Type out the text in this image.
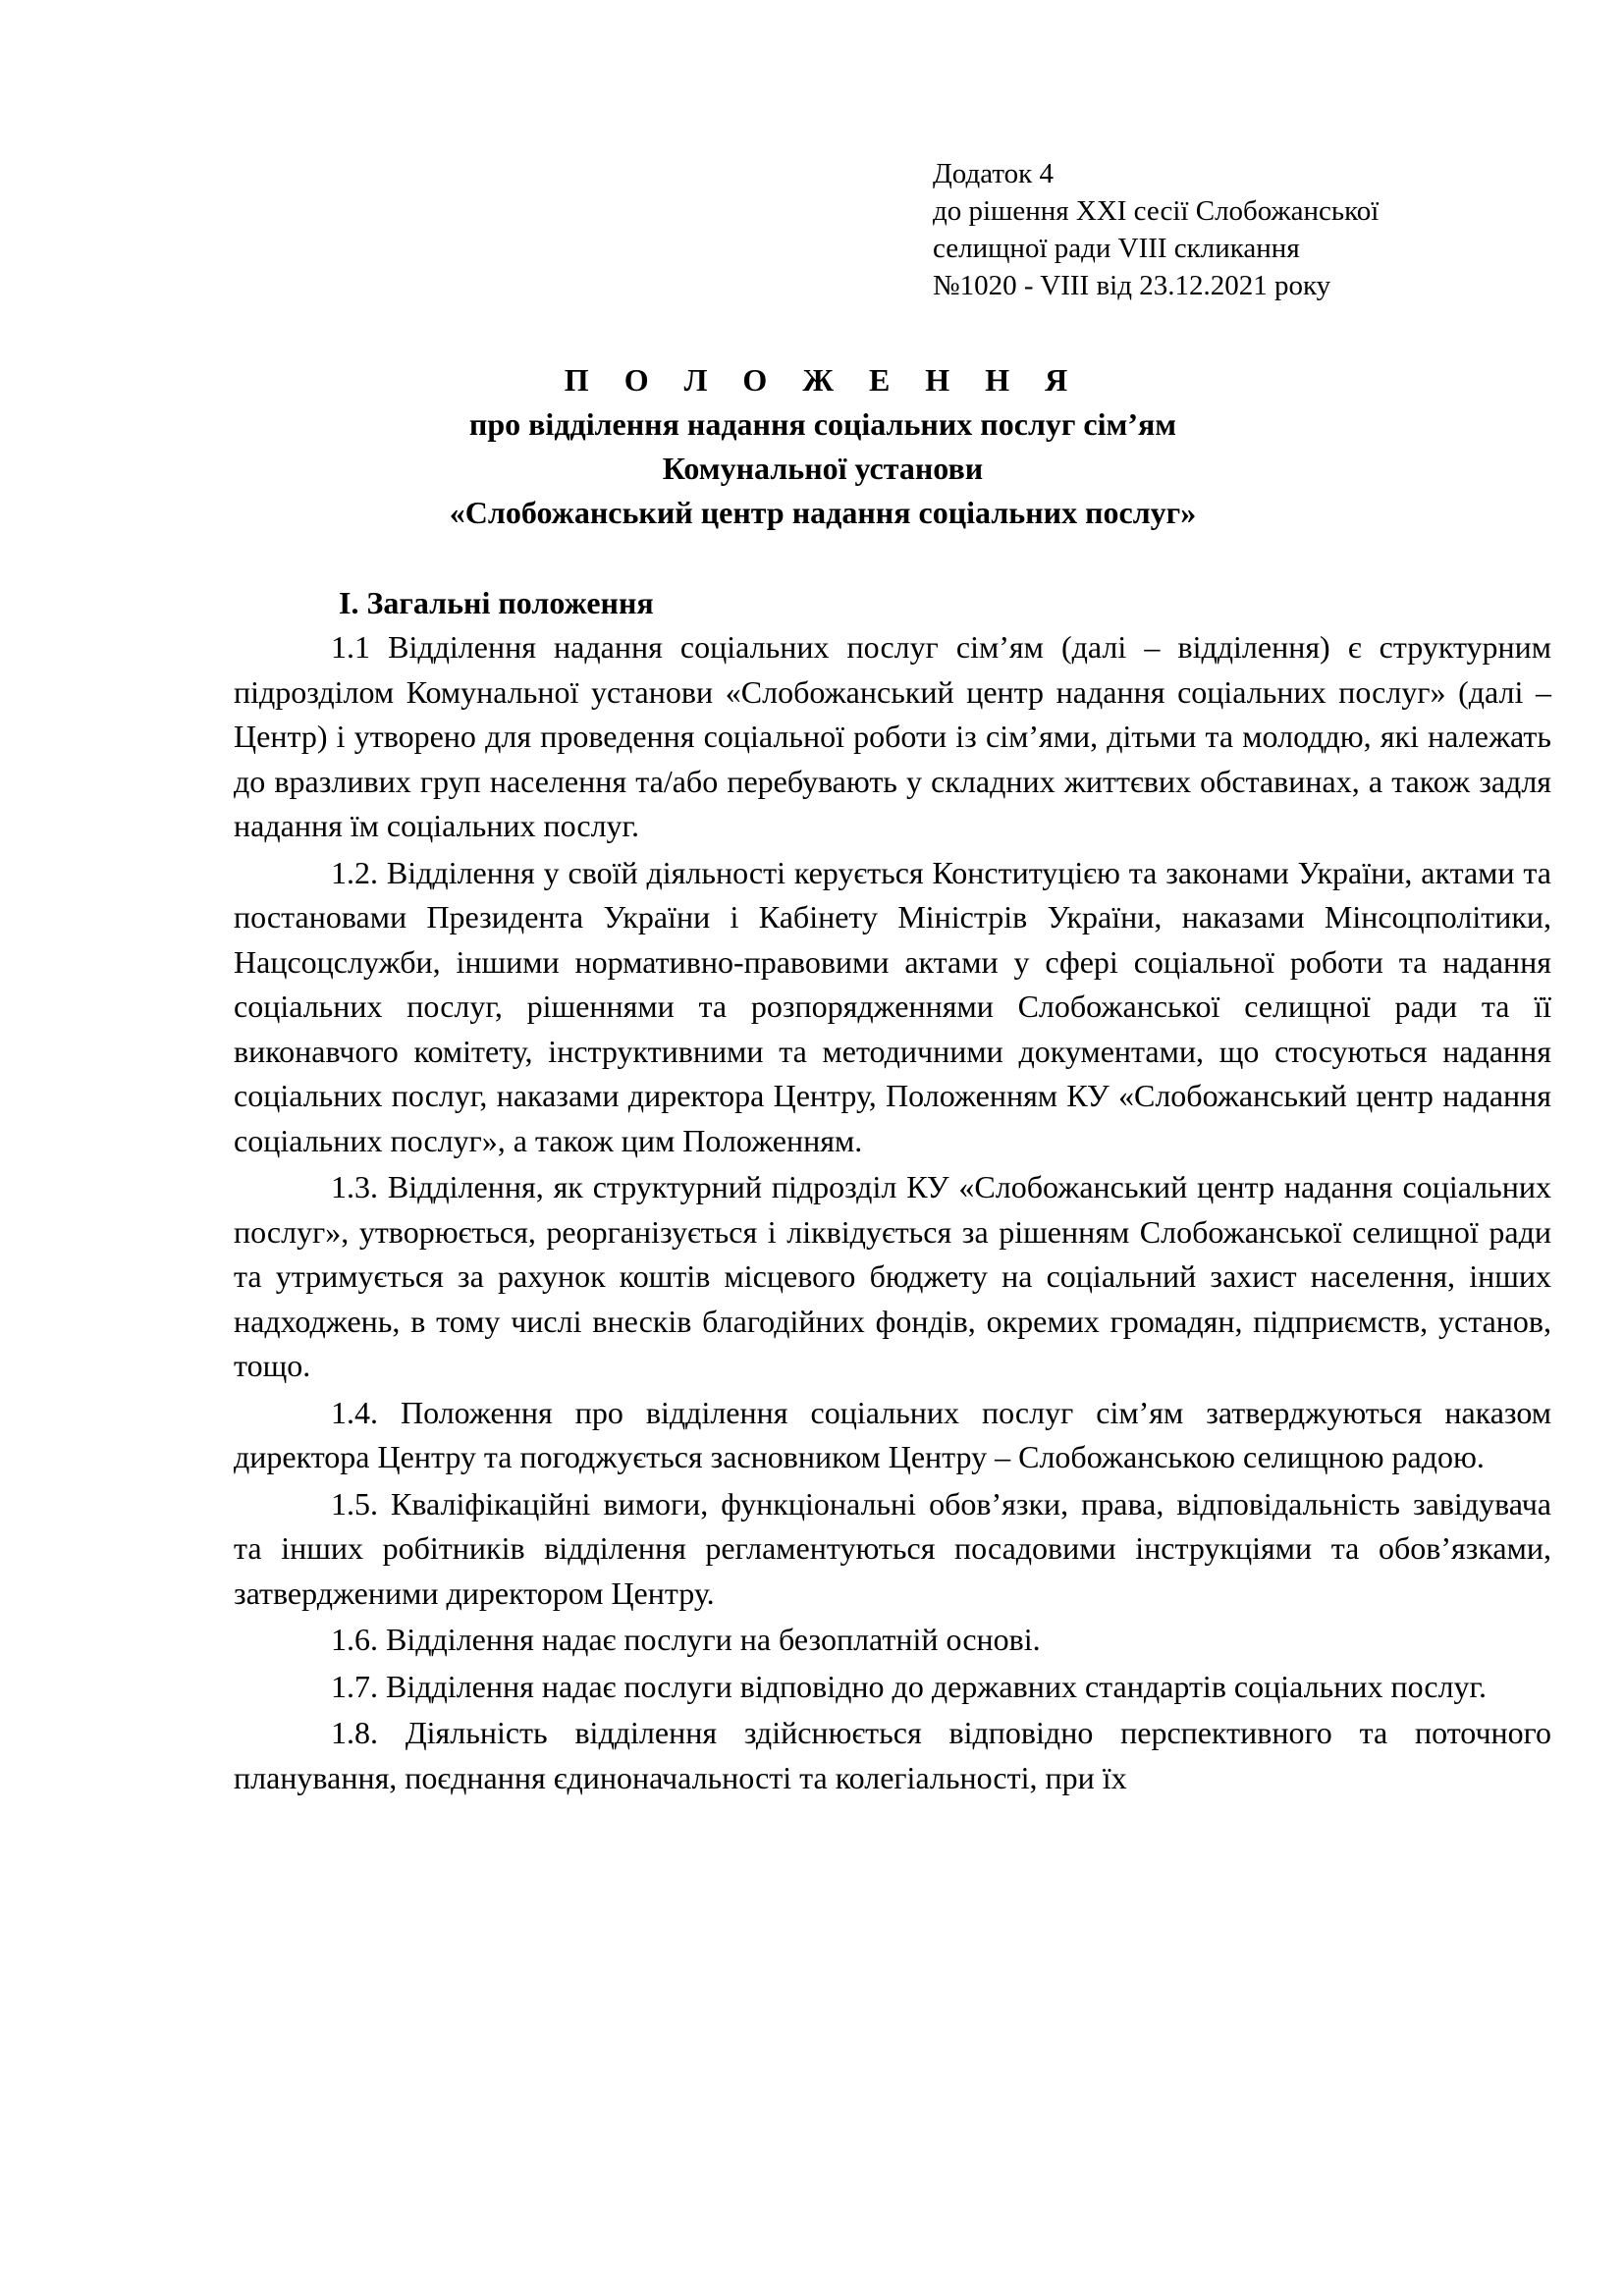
Додаток 4
до рішення XXI сесії Слобожанської
селищної ради VIII скликання
№1020 - VIII від 23.12.2021 року
П О Л О Ж Е Н Н Я
про відділення надання соціальних послуг сім’ям
Комунальної установи
«Слобожанський центр надання соціальних послуг»
І. Загальні положення

1.1 Відділення надання соціальних послуг сім’ям (далі – відділення) є структурним підрозділом Комунальної установи «Слобожанський центр надання соціальних послуг» (далі – Центр) і утворено для проведення соціальної роботи із сім’ями, дітьми та молоддю, які належать до вразливих груп населення та/або перебувають у складних життєвих обставинах, а також задля надання їм соціальних послуг.

1.2. Відділення у своїй діяльності керується Конституцією та законами України, актами та постановами Президента України і Кабінету Міністрів України, наказами Мінсоцполітики, Нацсоцслужби, іншими нормативно-правовими актами у сфері соціальної роботи та надання соціальних послуг, рішеннями та розпорядженнями Слобожанської селищної ради та її виконавчого комітету, інструктивними та методичними документами, що стосуються надання соціальних послуг, наказами директора Центру, Положенням КУ «Слобожанський центр надання соціальних послуг», а також цим Положенням.

1.3. Відділення, як структурний підрозділ КУ «Слобожанський центр надання соціальних послуг», утворюється, реорганізується і ліквідується за рішенням Слобожанської селищної ради та утримується за рахунок коштів місцевого бюджету на соціальний захист населення, інших надходжень, в тому числі внесків благодійних фондів, окремих громадян, підприємств, установ, тощо.

1.4. Положення про відділення соціальних послуг сім’ям затверджуються наказом директора Центру та погоджується засновником Центру – Слобожанською селищною радою.

1.5. Кваліфікаційні вимоги, функціональні обов’язки, права, відповідальність завідувача та інших робітників відділення регламентуються посадовими інструкціями та обов’язками, затвердженими директором Центру.

1.6. Відділення надає послуги на безоплатній основі.

1.7. Відділення надає послуги відповідно до державних стандартів соціальних послуг.

1.8. Діяльність відділення здійснюється відповідно перспективного та поточного планування, поєднання єдиноначальності та колегіальності, при їх
